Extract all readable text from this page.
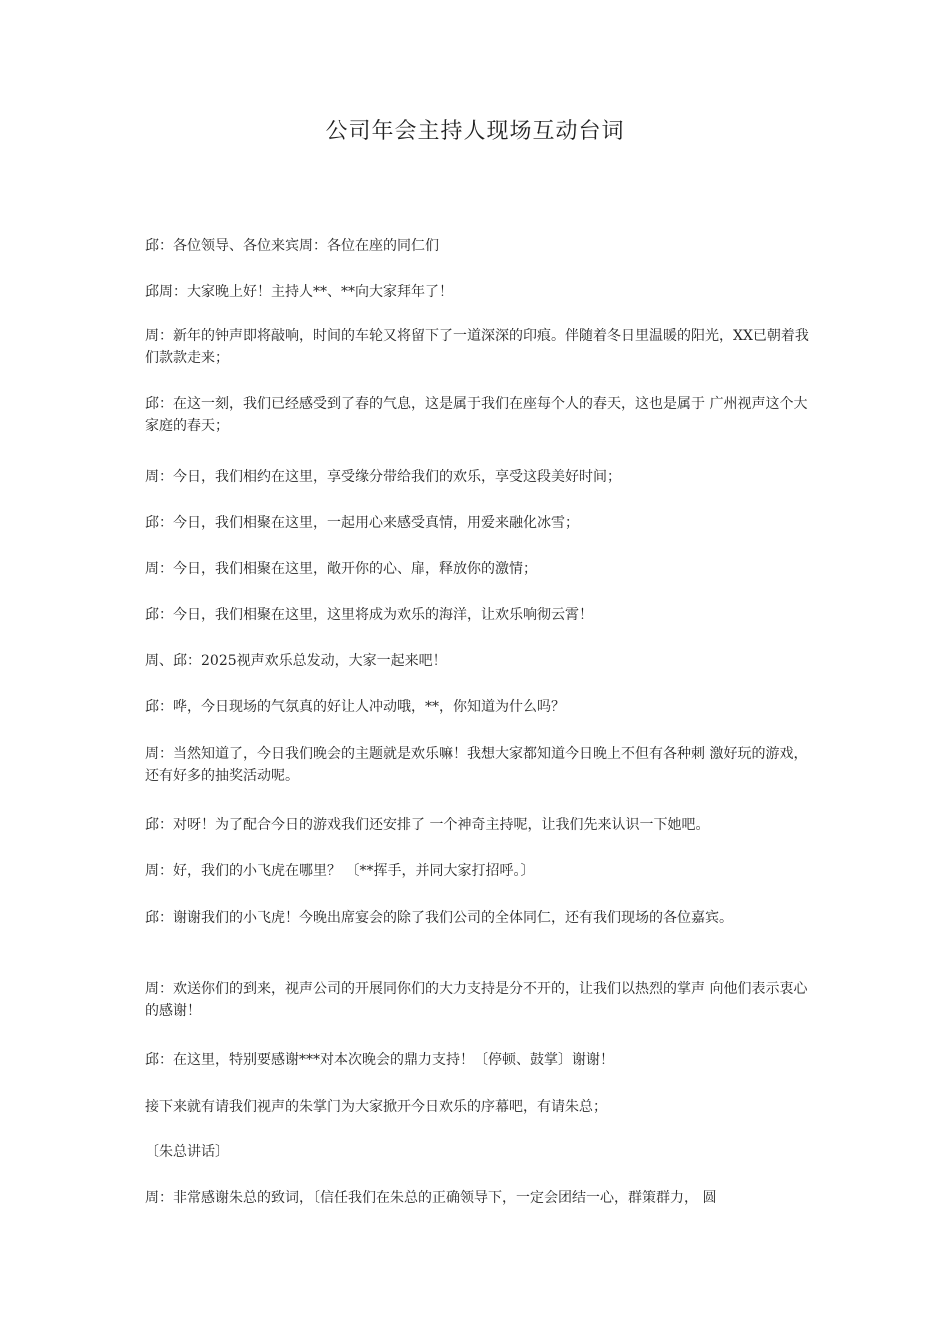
公司年会主持人现场互动台词

邱：各位领导、各位来宾周：各位在座的同仁们

邱周：大家晚上好！主持人**、**向大家拜年了！

周：新年的钟声即将敲响，时间的车轮又将留下了一道深深的印痕。伴随着冬日里温暖的阳光，XX已朝着我们款款走来；

邱：在这一刻，我们已经感受到了春的气息，这是属于我们在座每个人的春天，这也是属于 广州视声这个大家庭的春天；

周：今日，我们相约在这里，享受缘分带给我们的欢乐，享受这段美好时间；

邱：今日，我们相聚在这里，一起用心来感受真情，用爱来融化冰雪；

周：今日，我们相聚在这里，敞开你的心、扉，释放你的激情；

邱：今日，我们相聚在这里，这里将成为欢乐的海洋，让欢乐响彻云霄！

周、邱：2025视声欢乐总发动，大家一起来吧！

邱：哗，今日现场的气氛真的好让人冲动哦，**，你知道为什么吗？

周：当然知道了，今日我们晚会的主题就是欢乐嘛！我想大家都知道今日晚上不但有各种刺 激好玩的游戏，还有好多的抽奖活动呢。

邱：对呀！为了配合今日的游戏我们还安排了 一个神奇主持呢，让我们先来认识一下她吧。

周：好，我们的小飞虎在哪里？ 〔**挥手，并同大家打招呼。〕

邱：谢谢我们的小飞虎！今晚出席宴会的除了我们公司的全体同仁，还有我们现场的各位嘉宾。

周：欢送你们的到来，视声公司的开展同你们的大力支持是分不开的，让我们以热烈的掌声 向他们表示衷心的感谢！

邱：在这里，特别要感谢***对本次晚会的鼎力支持！〔停顿、鼓掌〕谢谢！

接下来就有请我们视声的朱掌门为大家掀开今日欢乐的序幕吧，有请朱总；

〔朱总讲话〕

周：非常感谢朱总的致词，〔信任我们在朱总的正确领导下，一定会团结一心，群策群力， 圆
